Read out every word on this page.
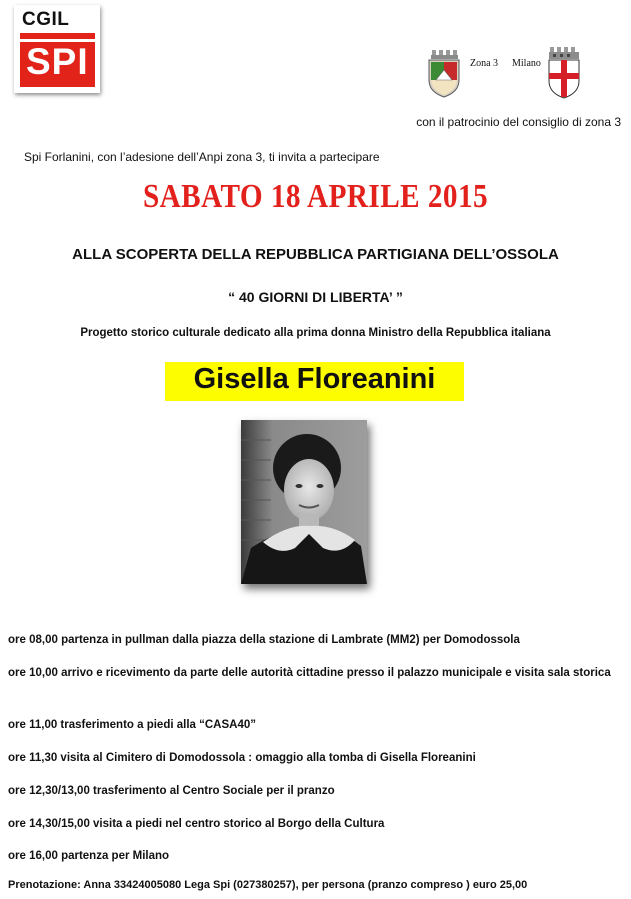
CGIL
SPI	Zona 3 Milano
con il patrocinio del consiglio di zona 3
Spi Forlanini, con l’adesione dell’Anpi zona 3, ti invita a partecipare
SABATO 18 APRILE 2015
ALLA SCOPERTA DELLA REPUBBLICA PARTIGIANA DELL’OSSOLA
“ 40 GIORNI DI LIBERTA’ ”
Progetto storico culturale dedicato alla prima donna Ministro della Repubblica italiana
Gisella Floreanini
ore 08,00 partenza in pullman dalla piazza della stazione di Lambrate (MM2) per Domodossola
ore 10,00 arrivo e ricevimento da parte delle autorità cittadine presso il palazzo municipale e visita sala storica
ore 11,00 trasferimento a piedi alla “CASA40”
ore 11,30 visita al Cimitero di Domodossola : omaggio alla tomba di Gisella Floreanini
ore 12,30/13,00 trasferimento al Centro Sociale per il pranzo
ore 14,30/15,00 visita a piedi nel centro storico al Borgo della Cultura
ore 16,00 partenza per Milano
Prenotazione: Anna 33424005080 Lega Spi (027380257), per persona (pranzo compreso ) euro 25,00
